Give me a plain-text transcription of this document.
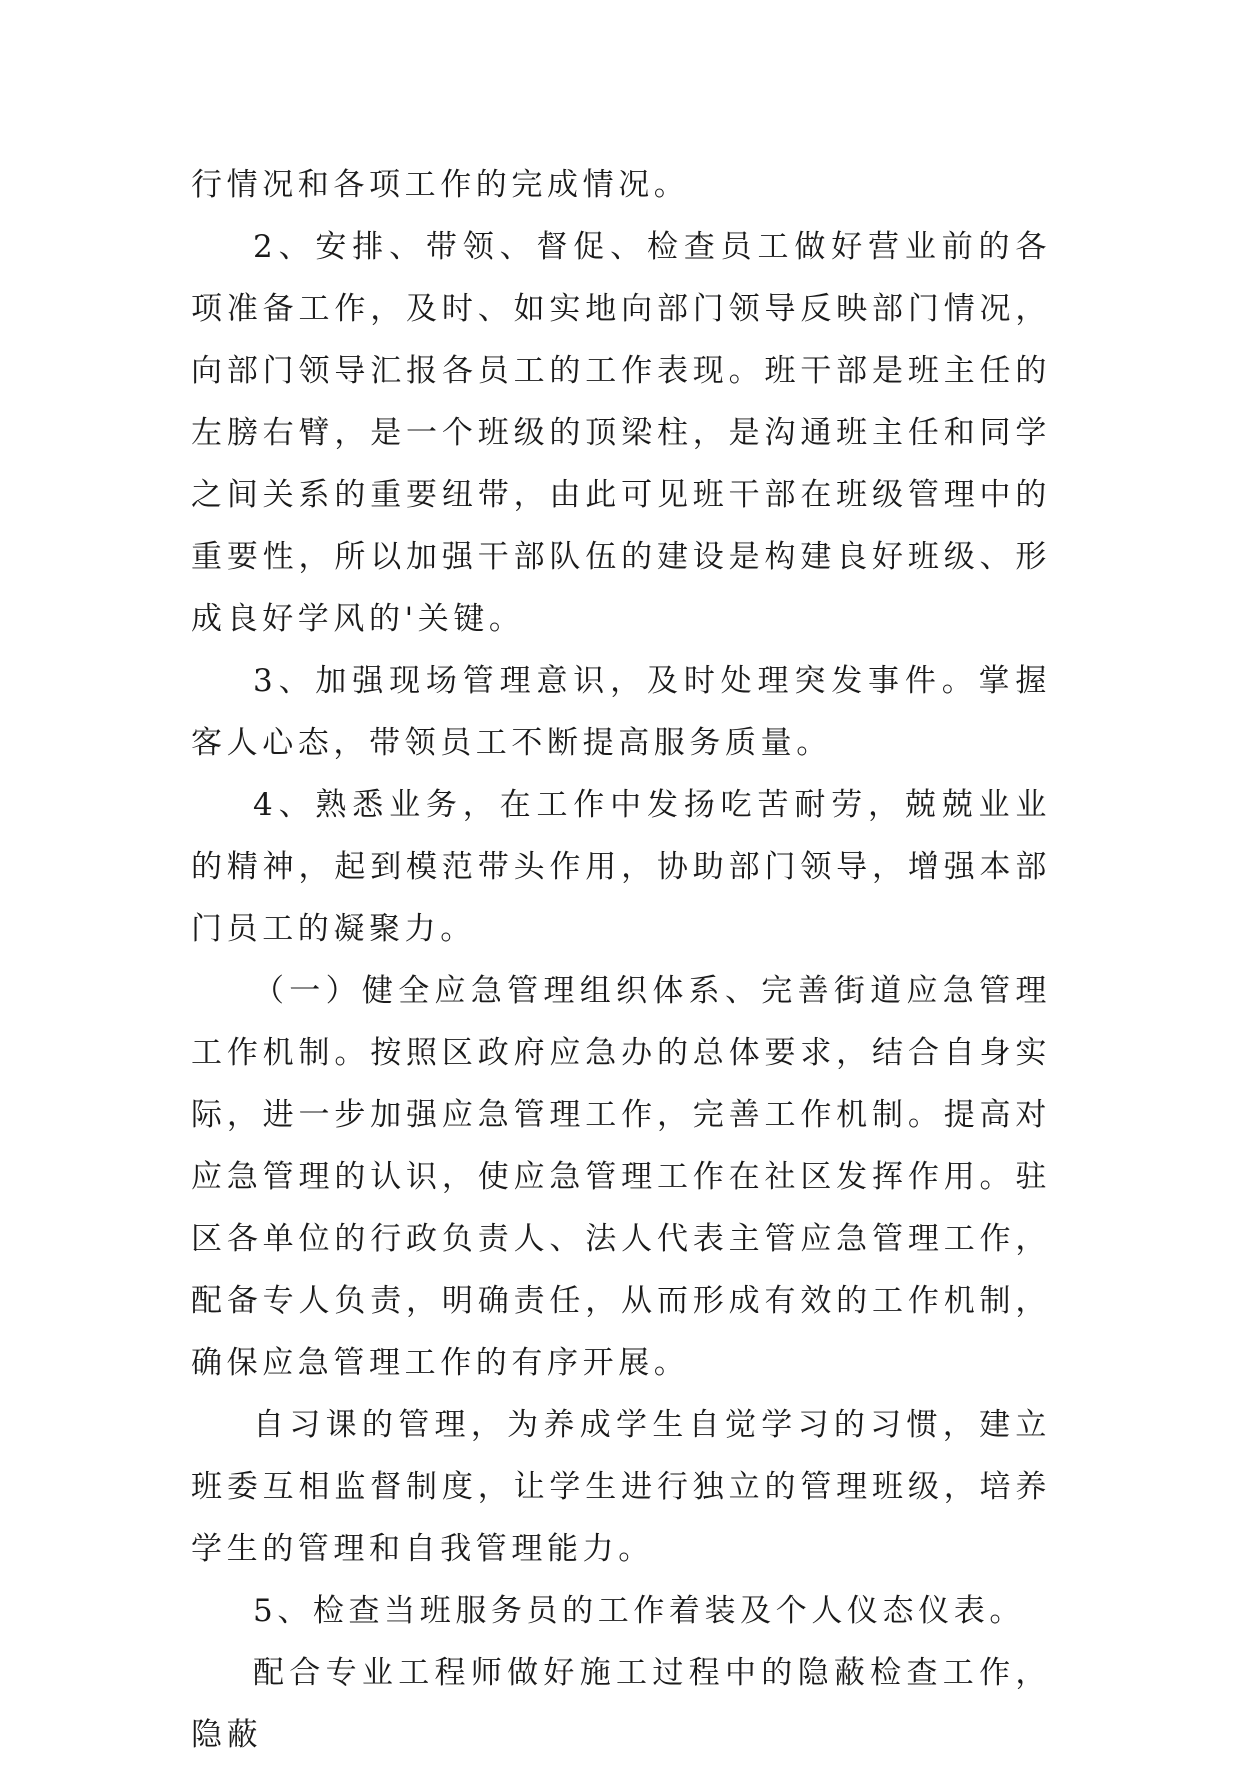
行情况和各项工作的完成情况。

2、安排、带领、督促、检查员工做好营业前的各项准备工作，及时、如实地向部门领导反映部门情况，向部门领导汇报各员工的工作表现。班干部是班主任的左膀右臂，是一个班级的顶梁柱，是沟通班主任和同学之间关系的重要纽带，由此可见班干部在班级管理中的重要性，所以加强干部队伍的建设是构建良好班级、形成良好学风的'关键。

3、加强现场管理意识，及时处理突发事件。掌握客人心态，带领员工不断提高服务质量。

4、熟悉业务，在工作中发扬吃苦耐劳，兢兢业业的精神，起到模范带头作用，协助部门领导，增强本部门员工的凝聚力。

（一）健全应急管理组织体系、完善街道应急管理工作机制。按照区政府应急办的总体要求，结合自身实际，进一步加强应急管理工作，完善工作机制。提高对应急管理的认识，使应急管理工作在社区发挥作用。驻区各单位的行政负责人、法人代表主管应急管理工作，配备专人负责，明确责任，从而形成有效的工作机制，确保应急管理工作的有序开展。

自习课的管理，为养成学生自觉学习的习惯，建立班委互相监督制度，让学生进行独立的管理班级，培养学生的管理和自我管理能力。

5、检查当班服务员的工作着装及个人仪态仪表。

配合专业工程师做好施工过程中的隐蔽检查工作，隐蔽
